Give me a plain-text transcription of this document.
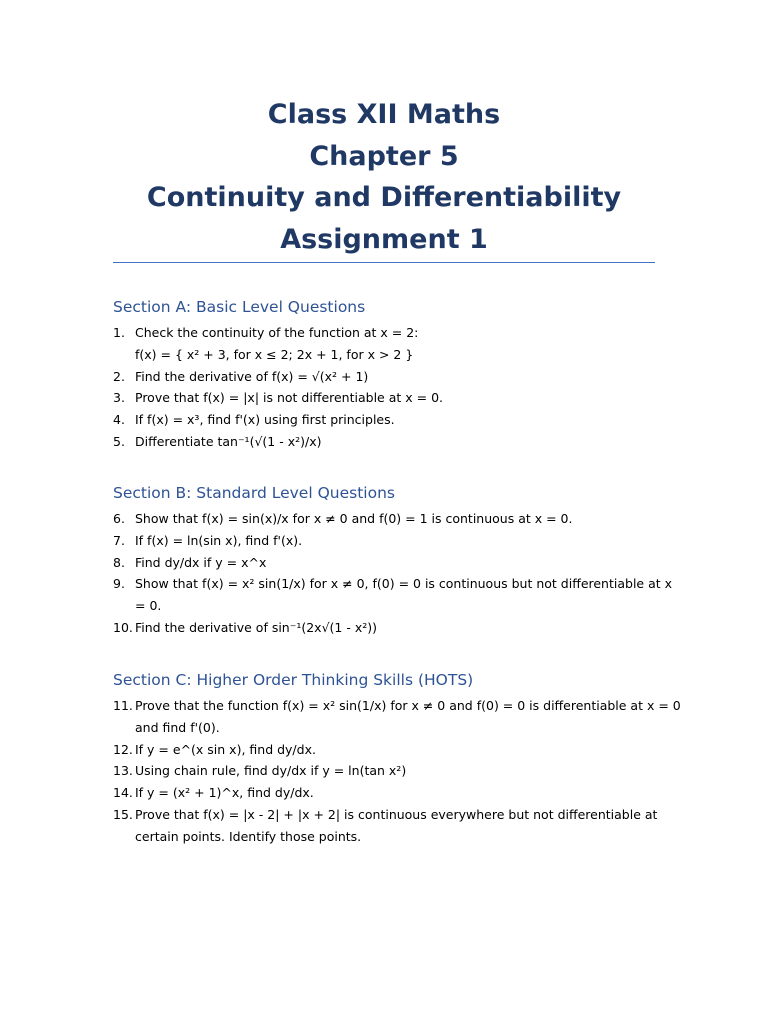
Class XII Maths
Chapter 5
Continuity and Differentiability
Assignment 1
Section A: Basic Level Questions
1. Check the continuity of the function at x = 2:
f(x) = { x² + 3, for x ≤ 2; 2x + 1, for x > 2 }
2. Find the derivative of f(x) = √(x² + 1)
3. Prove that f(x) = |x| is not differentiable at x = 0.
4. If f(x) = x³, find f'(x) using first principles.
5. Differentiate tan⁻¹(√(1 - x²)/x)
Section B: Standard Level Questions
6. Show that f(x) = sin(x)/x for x ≠ 0 and f(0) = 1 is continuous at x = 0.
7. If f(x) = ln(sin x), find f'(x).
8. Find dy/dx if y = x^x
9. Show that f(x) = x² sin(1/x) for x ≠ 0, f(0) = 0 is continuous but not differentiable at x
= 0.
10. Find the derivative of sin⁻¹(2x√(1 - x²))
Section C: Higher Order Thinking Skills (HOTS)
11. Prove that the function f(x) = x² sin(1/x) for x ≠ 0 and f(0) = 0 is differentiable at x = 0
and find f'(0).
12. If y = e^(x sin x), find dy/dx.
13. Using chain rule, find dy/dx if y = ln(tan x²)
14. If y = (x² + 1)^x, find dy/dx.
15. Prove that f(x) = |x - 2| + |x + 2| is continuous everywhere but not differentiable at
certain points. Identify those points.
